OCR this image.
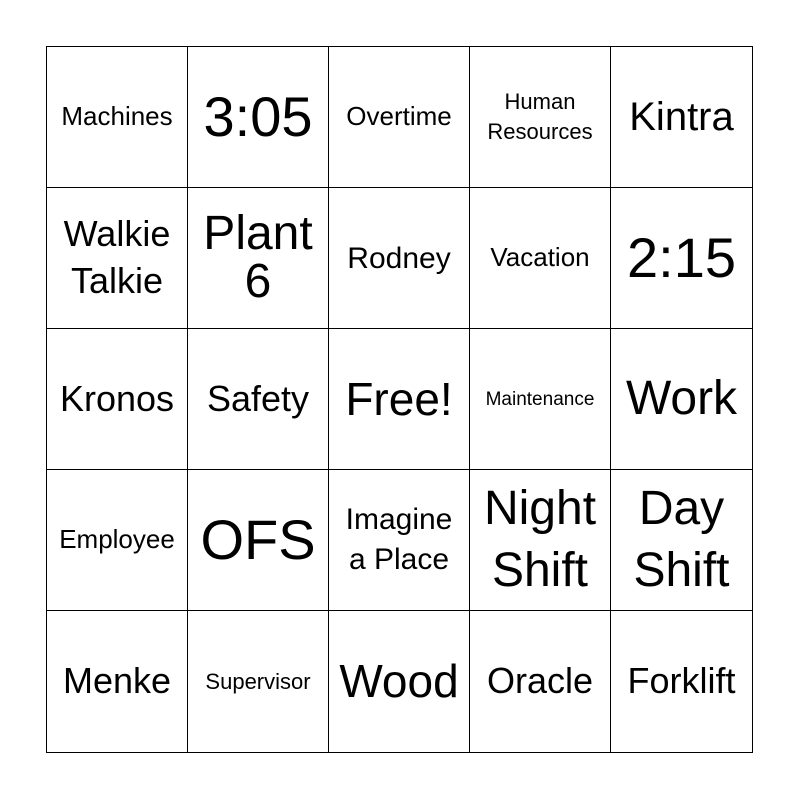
Machines 3:05 Overtime	Human
Resources Kintra
Walkie
Talkie
Plant
6	Rodney Vacation 2:15
Kronos Safety Free! Maintenance Work
Employee OFS Imagine
a Place
Night
Shift
Day
Shift
Menke Supervisor Wood Oracle Forklift
